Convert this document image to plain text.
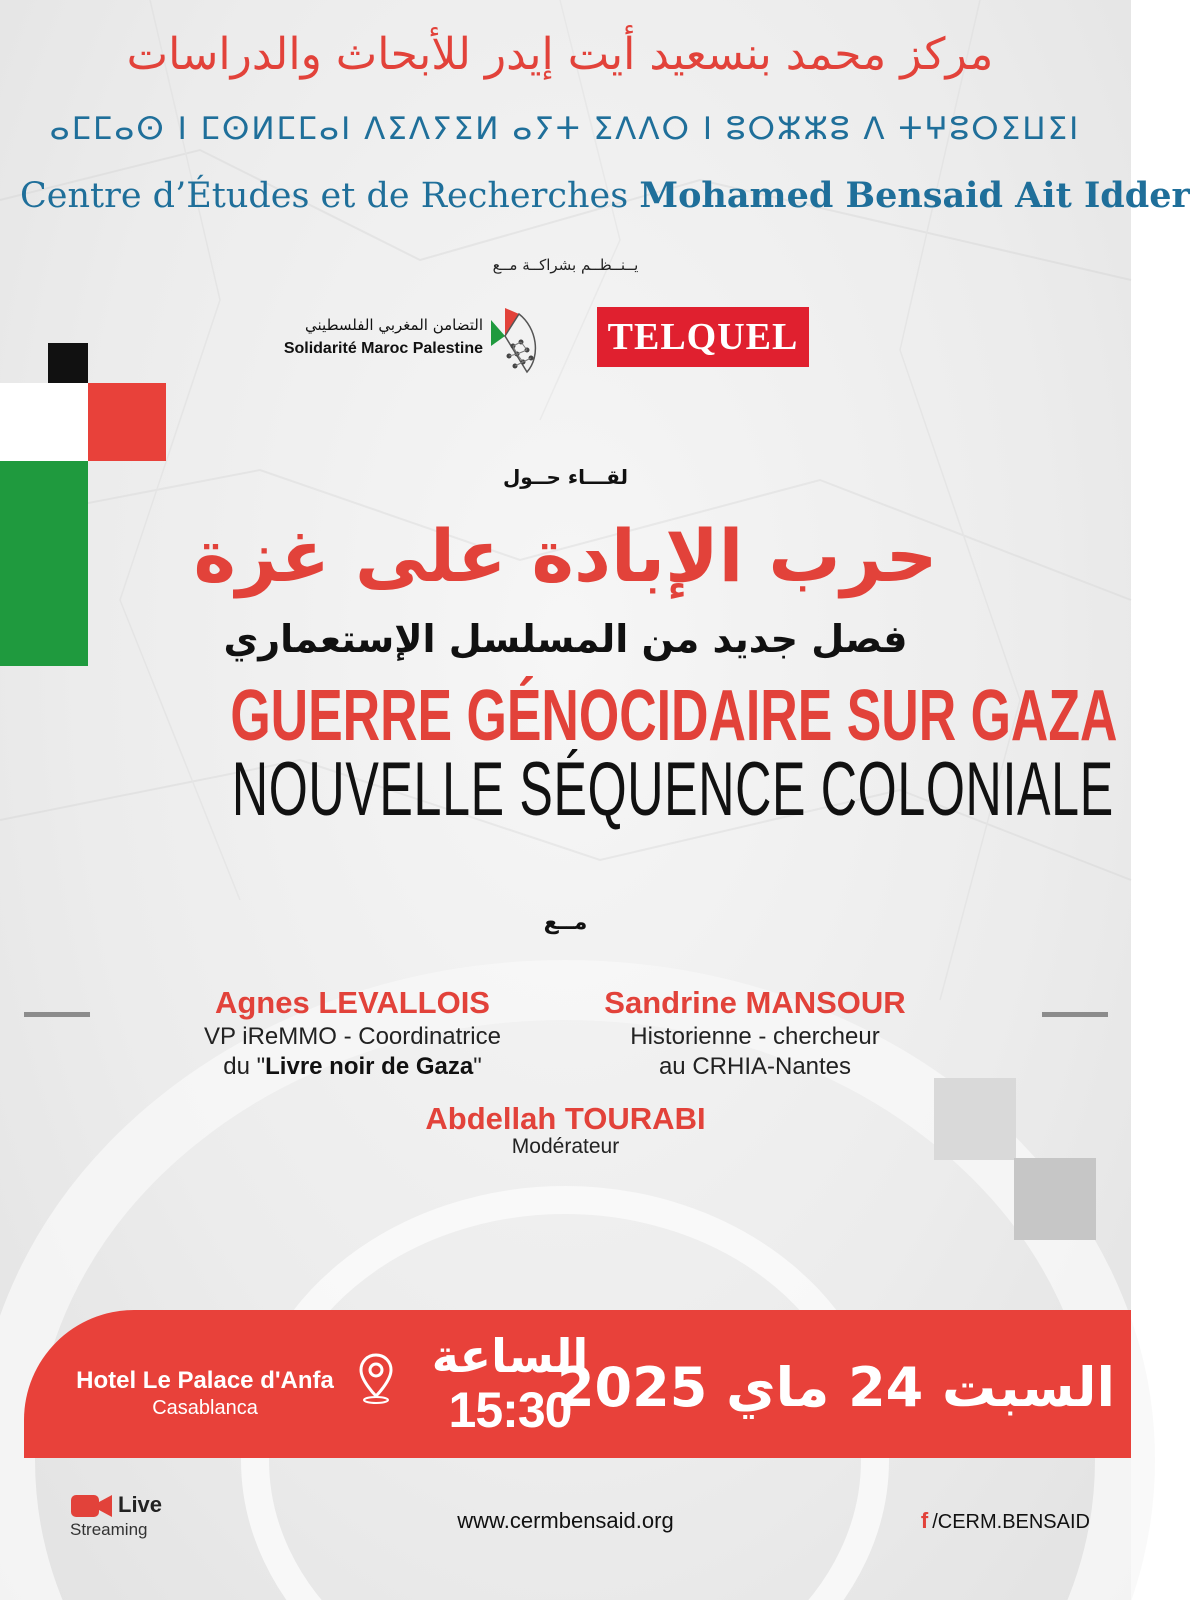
مركز محمد بنسعيد أيت إيدر للأبحاث والدراسات
ⴰⵎⵎⴰⵙ ⵏ ⵎⵙⵍⵎⵎⴰⵏ ⴷⵉⴷⵢⵉⵍ ⴰⵢⵜ ⵉⴷⴷⵔ ⵏ ⵓⵔⵣⵣⵓ ⴷ ⵜⵖⵓⵔⵉⵡⵉⵏ
Centre d’Études et de Recherches Mohamed Bensaid Ait Idder
يــنــظــم بشراكــة مــع
التضامن المغربي الفلسطيني
Solidarité Maroc Palestine	TELQUEL
لقـــاء حــول
حرب الإبادة على غزة
فصل جديد من المسلسل الإستعماري
GUERRE GÉNOCIDAIRE SUR GAZA
NOUVELLE SÉQUENCE COLONIALE
مــع
Agnes LEVALLOIS
VP iReMMO - Coordinatrice
du "Livre noir de Gaza"
Sandrine MANSOUR
Historienne - chercheur
au CRHIA-Nantes
Abdellah TOURABI
Modérateur
Hotel Le Palace d'Anfa
Casablanca
الساعة
15:30
السبت 24 ماي 2025
Live
Streaming	www.cermbensaid.org	f /CERM.BENSAID
